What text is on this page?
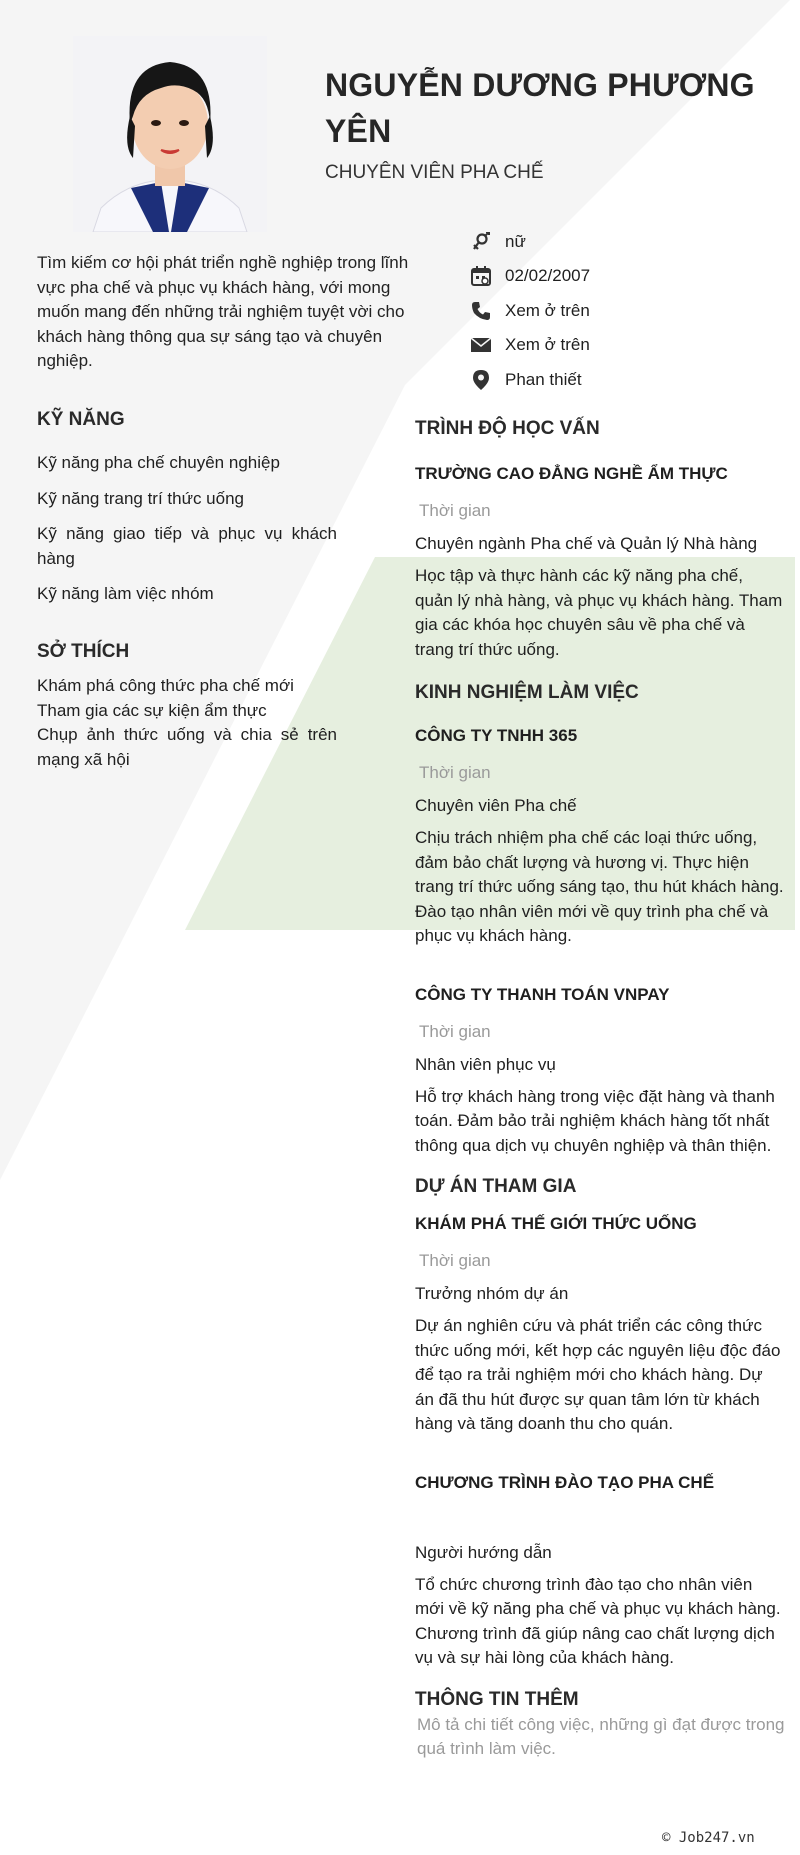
NGUYỄN DƯƠNG PHƯƠNG YÊN
CHUYÊN VIÊN PHA CHẾ
nữ
02/02/2007
Xem ở trên
Xem ở trên
Phan thiết
Tìm kiếm cơ hội phát triển nghề nghiệp trong lĩnh vực pha chế và phục vụ khách hàng, với mong muốn mang đến những trải nghiệm tuyệt vời cho khách hàng thông qua sự sáng tạo và chuyên nghiệp.
KỸ NĂNG
Kỹ năng pha chế chuyên nghiệp
Kỹ năng trang trí thức uống
Kỹ năng giao tiếp và phục vụ khách hàng
Kỹ năng làm việc nhóm
SỞ THÍCH
Khám phá công thức pha chế mới
Tham gia các sự kiện ẩm thực
Chụp ảnh thức uống và chia sẻ trên mạng xã hội
TRÌNH ĐỘ HỌC VẤN
TRƯỜNG CAO ĐẲNG NGHỀ ẨM THỰC
Thời gian
Chuyên ngành Pha chế và Quản lý Nhà hàng
Học tập và thực hành các kỹ năng pha chế, quản lý nhà hàng, và phục vụ khách hàng. Tham gia các khóa học chuyên sâu về pha chế và trang trí thức uống.
KINH NGHIỆM LÀM VIỆC
CÔNG TY TNHH 365
Thời gian
Chuyên viên Pha chế
Chịu trách nhiệm pha chế các loại thức uống, đảm bảo chất lượng và hương vị. Thực hiện trang trí thức uống sáng tạo, thu hút khách hàng. Đào tạo nhân viên mới về quy trình pha chế và phục vụ khách hàng.
CÔNG TY THANH TOÁN VNPAY
Thời gian
Nhân viên phục vụ
Hỗ trợ khách hàng trong việc đặt hàng và thanh toán. Đảm bảo trải nghiệm khách hàng tốt nhất thông qua dịch vụ chuyên nghiệp và thân thiện.
DỰ ÁN THAM GIA
KHÁM PHÁ THẾ GIỚI THỨC UỐNG
Thời gian
Trưởng nhóm dự án
Dự án nghiên cứu và phát triển các công thức thức uống mới, kết hợp các nguyên liệu độc đáo để tạo ra trải nghiệm mới cho khách hàng. Dự án đã thu hút được sự quan tâm lớn từ khách hàng và tăng doanh thu cho quán.
CHƯƠNG TRÌNH ĐÀO TẠO PHA CHẾ
Người hướng dẫn
Tổ chức chương trình đào tạo cho nhân viên mới về kỹ năng pha chế và phục vụ khách hàng. Chương trình đã giúp nâng cao chất lượng dịch vụ và sự hài lòng của khách hàng.
THÔNG TIN THÊM
Mô tả chi tiết công việc, những gì đạt được trong quá trình làm việc.
© Job247.vn
